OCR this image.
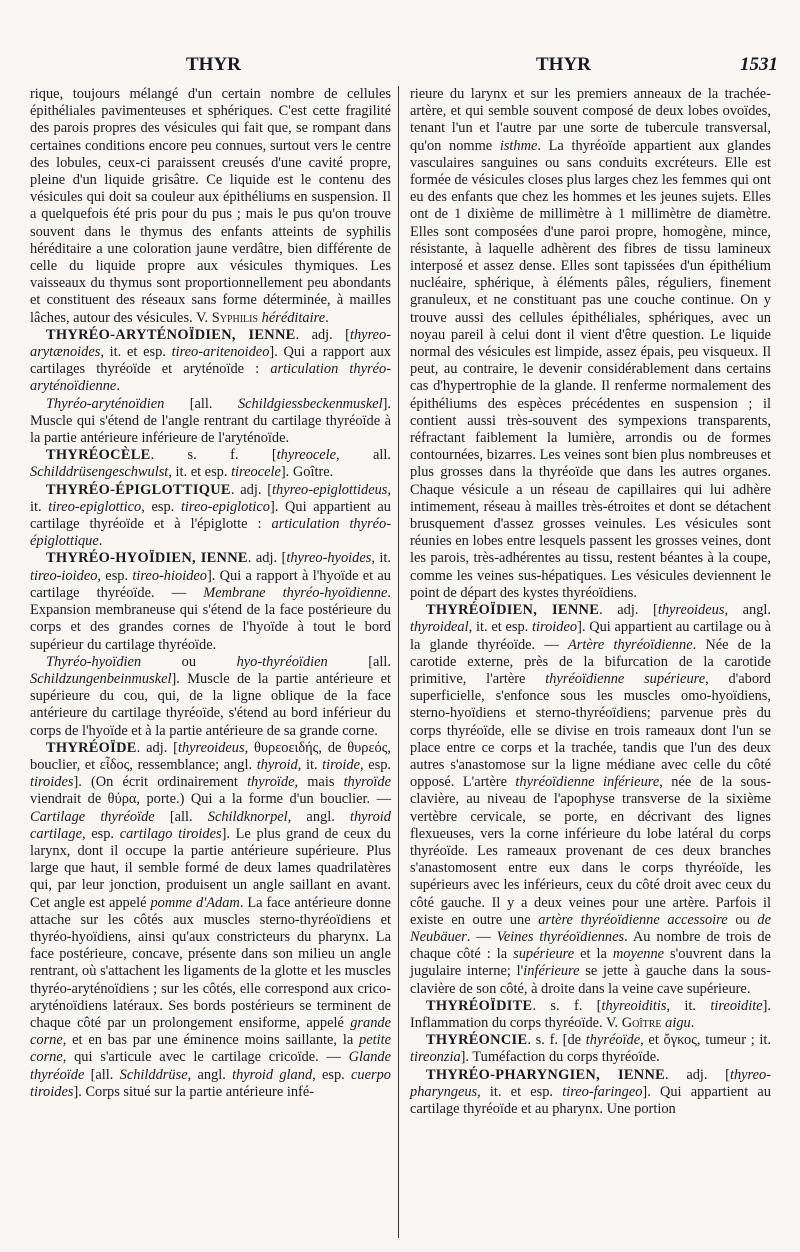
THYR	THYR	1531

rique, toujours mélangé d'un certain nombre de cellules épithéliales pavimenteuses et sphériques. C'est cette fragilité des parois propres des vésicules qui fait que, se rompant dans certaines conditions encore peu connues, surtout vers le centre des lobules, ceux-ci paraissent creusés d'une cavité propre, pleine d'un liquide grisâtre. Ce liquide est le contenu des vésicules qui doit sa couleur aux épithéliums en suspension. Il a quelquefois été pris pour du pus ; mais le pus qu'on trouve souvent dans le thymus des enfants atteints de syphilis héréditaire a une coloration jaune verdâtre, bien différente de celle du liquide propre aux vésicules thymiques. Les vaisseaux du thymus sont proportionnellement peu abondants et constituent des réseaux sans forme déterminée, à mailles lâches, autour des vésicules. V. Syphilis héréditaire.

THYRÉO-ARYTÉNOÏDIEN, IENNE. adj. [thyreo-arytænoides, it. et esp. tireo-aritenoideo]. Qui a rapport aux cartilages thyréoïde et aryténoïde : articulation thyréo-aryténoïdienne.

Thyréo-aryténoïdien [all. Schildgiessbeckenmuskel]. Muscle qui s'étend de l'angle rentrant du cartilage thyréoïde à la partie antérieure inférieure de l'aryténoïde.

THYRÉOCÈLE. s. f. [thyreocele, all. Schilddrüsengeschwulst, it. et esp. tireocele]. Goître.

THYRÉO-ÉPIGLOTTIQUE. adj. [thyreo-epiglottideus, it. tireo-epiglottico, esp. tireo-epiglotico]. Qui appartient au cartilage thyréoïde et à l'épiglotte : articulation thyréo-épiglottique.

THYRÉO-HYOÏDIEN, IENNE. adj. [thyreo-hyoides, it. tireo-ioideo, esp. tireo-hioideo]. Qui a rapport à l'hyoïde et au cartilage thyréoïde. — Membrane thyréo-hyoïdienne. Expansion membraneuse qui s'étend de la face postérieure du corps et des grandes cornes de l'hyoïde à tout le bord supérieur du cartilage thyréoïde.

Thyréo-hyoïdien ou hyo-thyréoïdien [all. Schildzungenbeinmuskel]. Muscle de la partie antérieure et supérieure du cou, qui, de la ligne oblique de la face antérieure du cartilage thyréoïde, s'étend au bord inférieur du corps de l'hyoïde et à la partie antérieure de sa grande corne.

THYRÉOÏDE. adj. [thyreoideus, θυρεοειδής, de θυρεός, bouclier, et εἶδος, ressemblance; angl. thyroid, it. tiroide, esp. tiroides]. (On écrit ordinairement thyroïde, mais thyroïde viendrait de θύρα, porte.) Qui a la forme d'un bouclier. — Cartilage thyréoïde [all. Schildknorpel, angl. thyroid cartilage, esp. cartilago tiroides]. Le plus grand de ceux du larynx, dont il occupe la partie antérieure supérieure. Plus large que haut, il semble formé de deux lames quadrilatères qui, par leur jonction, produisent un angle saillant en avant. Cet angle est appelé pomme d'Adam. La face antérieure donne attache sur les côtés aux muscles sterno-thyréoïdiens et thyréo-hyoïdiens, ainsi qu'aux constricteurs du pharynx. La face postérieure, concave, présente dans son milieu un angle rentrant, où s'attachent les ligaments de la glotte et les muscles thyréo-aryténoïdiens ; sur les côtés, elle correspond aux crico-aryténoïdiens latéraux. Ses bords postérieurs se terminent de chaque côté par un prolongement ensiforme, appelé grande corne, et en bas par une éminence moins saillante, la petite corne, qui s'articule avec le cartilage cricoïde. — Glande thyréoïde [all. Schilddrüse, angl. thyroid gland, esp. cuerpo tiroides]. Corps situé sur la partie antérieure infé-

rieure du larynx et sur les premiers anneaux de la trachée-artère, et qui semble souvent composé de deux lobes ovoïdes, tenant l'un et l'autre par une sorte de tubercule transversal, qu'on nomme isthme. La thyréoïde appartient aux glandes vasculaires sanguines ou sans conduits excréteurs. Elle est formée de vésicules closes plus larges chez les femmes qui ont eu des enfants que chez les hommes et les jeunes sujets. Elles ont de 1 dixième de millimètre à 1 millimètre de diamètre. Elles sont composées d'une paroi propre, homogène, mince, résistante, à laquelle adhèrent des fibres de tissu lamineux interposé et assez dense. Elles sont tapissées d'un épithélium nucléaire, sphérique, à éléments pâles, réguliers, finement granuleux, et ne constituant pas une couche continue. On y trouve aussi des cellules épithéliales, sphériques, avec un noyau pareil à celui dont il vient d'être question. Le liquide normal des vésicules est limpide, assez épais, peu visqueux. Il peut, au contraire, le devenir considérablement dans certains cas d'hypertrophie de la glande. Il renferme normalement des épithéliums des espèces précédentes en suspension ; il contient aussi très-souvent des sympexions transparents, réfractant faiblement la lumière, arrondis ou de formes contournées, bizarres. Les veines sont bien plus nombreuses et plus grosses dans la thyréoïde que dans les autres organes. Chaque vésicule a un réseau de capillaires qui lui adhère intimement, réseau à mailles très-étroites et dont se détachent brusquement d'assez grosses veinules. Les vésicules sont réunies en lobes entre lesquels passent les grosses veines, dont les parois, très-adhérentes au tissu, restent béantes à la coupe, comme les veines sus-hépatiques. Les vésicules deviennent le point de départ des kystes thyréoïdiens.

THYRÉOÏDIEN, IENNE. adj. [thyreoideus, angl. thyroideal, it. et esp. tiroideo]. Qui appartient au cartilage ou à la glande thyréoïde. — Artère thyréoïdienne. Née de la carotide externe, près de la bifurcation de la carotide primitive, l'artère thyréoïdienne supérieure, d'abord superficielle, s'enfonce sous les muscles omo-hyoïdiens, sterno-hyoïdiens et sterno-thyréoïdiens; parvenue près du corps thyréoïde, elle se divise en trois rameaux dont l'un se place entre ce corps et la trachée, tandis que l'un des deux autres s'anastomose sur la ligne médiane avec celle du côté opposé. L'artère thyréoïdienne inférieure, née de la sous-clavière, au niveau de l'apophyse transverse de la sixième vertèbre cervicale, se porte, en décrivant des lignes flexueuses, vers la corne inférieure du lobe latéral du corps thyréoïde. Les rameaux provenant de ces deux branches s'anastomosent entre eux dans le corps thyréoïde, les supérieurs avec les inférieurs, ceux du côté droit avec ceux du côté gauche. Il y a deux veines pour une artère. Parfois il existe en outre une artère thyréoïdienne accessoire ou de Neubäuer. — Veines thyréoïdiennes. Au nombre de trois de chaque côté : la supérieure et la moyenne s'ouvrent dans la jugulaire interne; l'inférieure se jette à gauche dans la sous-clavière de son côté, à droite dans la veine cave supérieure.

THYRÉOÏDITE. s. f. [thyreoiditis, it. tireoidite]. Inflammation du corps thyréoïde. V. Goître aigu.

THYRÉONCIE. s. f. [de thyréoïde, et ὄγκος, tumeur ; it. tireonzia]. Tuméfaction du corps thyréoïde.

THYRÉO-PHARYNGIEN, IENNE. adj. [thyreo-pharyngeus, it. et esp. tireo-faringeo]. Qui appartient au cartilage thyréoïde et au pharynx. Une portion
